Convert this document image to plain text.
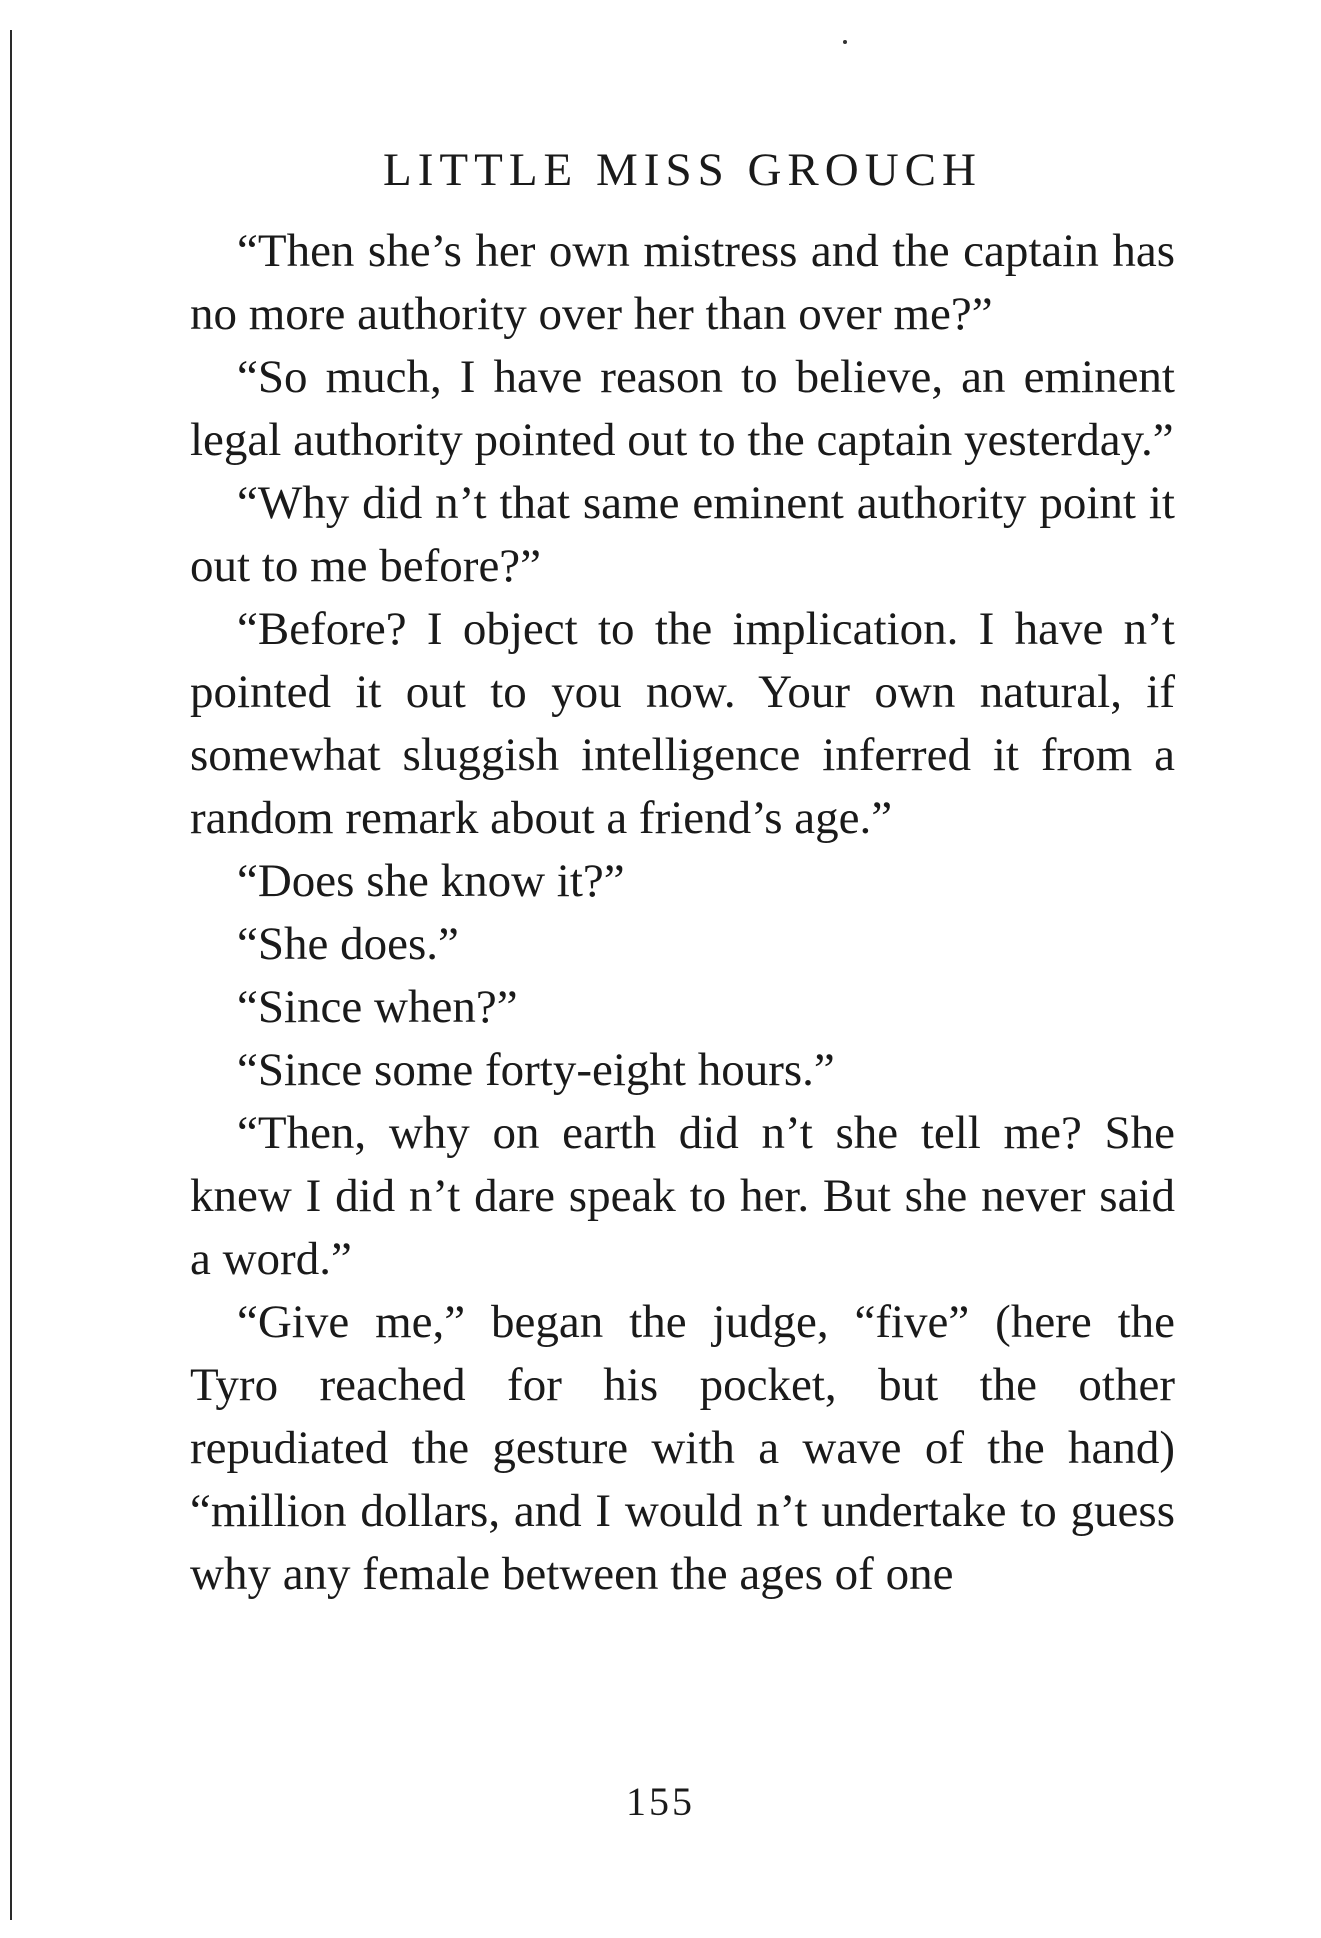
LITTLE MISS GROUCH

“Then she’s her own mistress and the captain has no more authority over her than over me?”

“So much, I have reason to believe, an eminent legal authority pointed out to the captain yesterday.”

“Why did n’t that same eminent authority point it out to me before?”

“Before? I object to the implication. I have n’t pointed it out to you now. Your own natural, if somewhat sluggish intelligence inferred it from a random remark about a friend’s age.”

“Does she know it?”

“She does.”

“Since when?”

“Since some forty-eight hours.”

“Then, why on earth did n’t she tell me? She knew I did n’t dare speak to her. But she never said a word.”

“Give me,” began the judge, “five” (here the Tyro reached for his pocket, but the other repudiated the gesture with a wave of the hand) “million dollars, and I would n’t undertake to guess why any female between the ages of one

155
